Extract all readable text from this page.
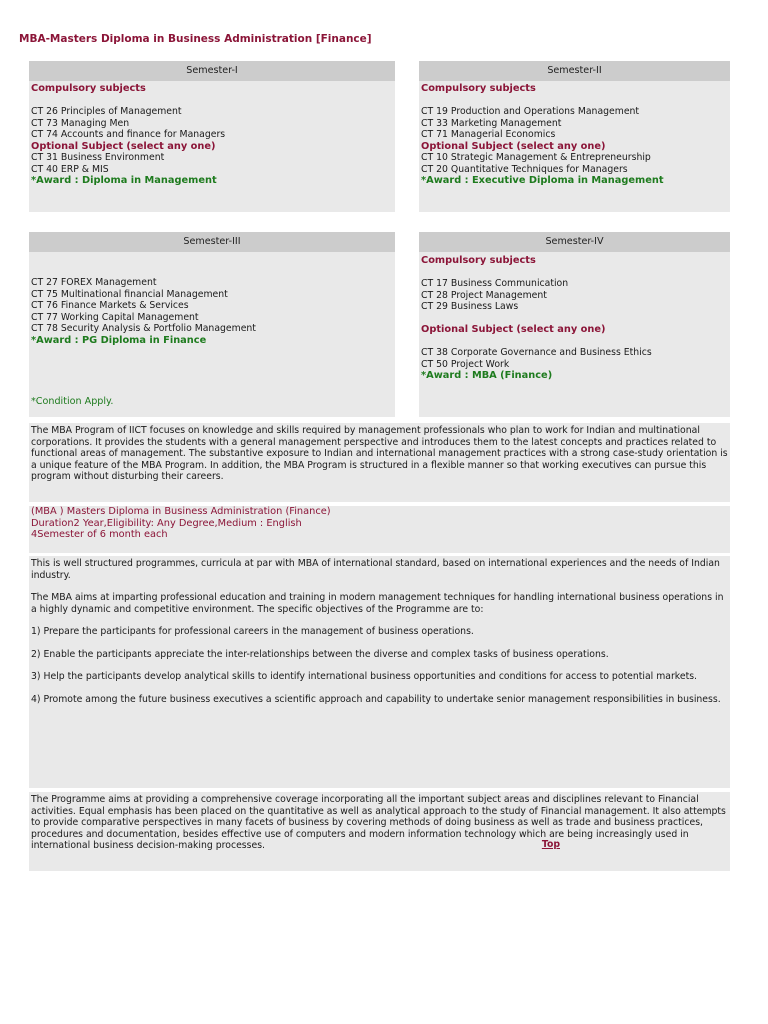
MBA-Masters Diploma in Business Administration [Finance]
Semester-I
Compulsory subjects
CT 26 Principles of Management
CT 73 Managing Men
CT 74 Accounts and finance for Managers
Optional Subject (select any one)
CT 31 Business Environment
CT 40 ERP & MIS
*Award : Diploma in Management
Semester-II
Compulsory subjects
CT 19 Production and Operations Management
CT 33 Marketing Management
CT 71 Managerial Economics
Optional Subject (select any one)
CT 10 Strategic Management & Entrepreneurship
CT 20 Quantitative Techniques for Managers
*Award : Executive Diploma in Management
Semester-III
CT 27 FOREX Management
CT 75 Multinational financial Management
CT 76 Finance Markets & Services
CT 77 Working Capital Management
CT 78 Security Analysis & Portfolio Management
*Award : PG Diploma in Finance
*Condition Apply.
Semester-IV
Compulsory subjects
CT 17 Business Communication
CT 28 Project Management
CT 29 Business Laws
Optional Subject (select any one)
CT 38 Corporate Governance and Business Ethics
CT 50 Project Work
*Award : MBA (Finance)

The MBA Program of IICT focuses on knowledge and skills required by management professionals who plan to work for Indian and multinational corporations. It provides the students with a general management perspective and introduces them to the latest concepts and practices related to functional areas of management. The substantive exposure to Indian and international management practices with a strong case-study orientation is a unique feature of the MBA Program. In addition, the MBA Program is structured in a flexible manner so that working executives can pursue this program without disturbing their careers.

(MBA ) Masters Diploma in Business Administration (Finance)
Duration2 Year,Eligibility: Any Degree,Medium : English
4Semester of 6 month each

This is well structured programmes, curricula at par with MBA of international standard, based on international experiences and the needs of Indian industry.

The MBA aims at imparting professional education and training in modern management techniques for handling international business operations in a highly dynamic and competitive environment. The specific objectives of the Programme are to:

1) Prepare the participants for professional careers in the management of business operations.

2) Enable the participants appreciate the inter-relationships between the diverse and complex tasks of business operations.

3) Help the participants develop analytical skills to identify international business opportunities and conditions for access to potential markets.

4) Promote among the future business executives a scientific approach and capability to undertake senior management responsibilities in business.

The Programme aims at providing a comprehensive coverage incorporating all the important subject areas and disciplines relevant to Financial activities. Equal emphasis has been placed on the quantitative as well as analytical approach to the study of Financial management. It also attempts to provide comparative perspectives in many facets of business by covering methods of doing business as well as trade and business practices, procedures and documentation, besides effective use of computers and modern information technology which are being increasingly used in international business decision-making processes.	Top
